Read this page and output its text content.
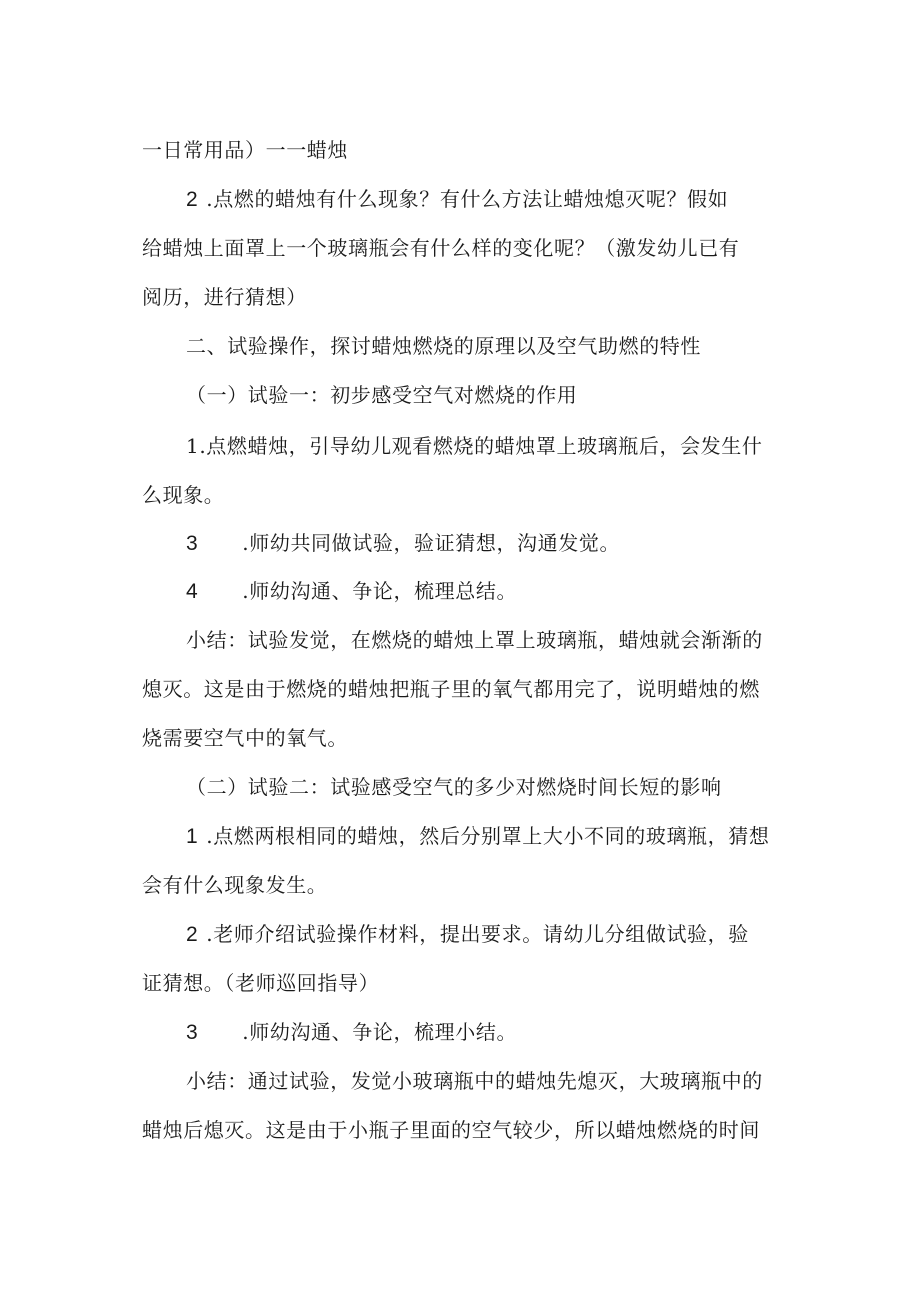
一日常用品）一一蜡烛
2 .点燃的蜡烛有什么现象？有什么方法让蜡烛熄灭呢？假如
给蜡烛上面罩上一个玻璃瓶会有什么样的变化呢？（激发幼儿已有
阅历，进行猜想）
二、试验操作，探讨蜡烛燃烧的原理以及空气助燃的特性
（一）试验一：初步感受空气对燃烧的作用
1.点燃蜡烛，引导幼儿观看燃烧的蜡烛罩上玻璃瓶后，会发生什
么现象。
3 .师幼共同做试验，验证猜想，沟通发觉。
4 .师幼沟通、争论，梳理总结。
小结：试验发觉，在燃烧的蜡烛上罩上玻璃瓶，蜡烛就会渐渐的
熄灭。这是由于燃烧的蜡烛把瓶子里的氧气都用完了，说明蜡烛的燃
烧需要空气中的氧气。
（二）试验二：试验感受空气的多少对燃烧时间长短的影响
1 .点燃两根相同的蜡烛，然后分别罩上大小不同的玻璃瓶，猜想
会有什么现象发生。
2 .老师介绍试验操作材料，提出要求。请幼儿分组做试验，验
证猜想。（老师巡回指导）
3 .师幼沟通、争论，梳理小结。
小结：通过试验，发觉小玻璃瓶中的蜡烛先熄灭，大玻璃瓶中的
蜡烛后熄灭。这是由于小瓶子里面的空气较少，所以蜡烛燃烧的时间
